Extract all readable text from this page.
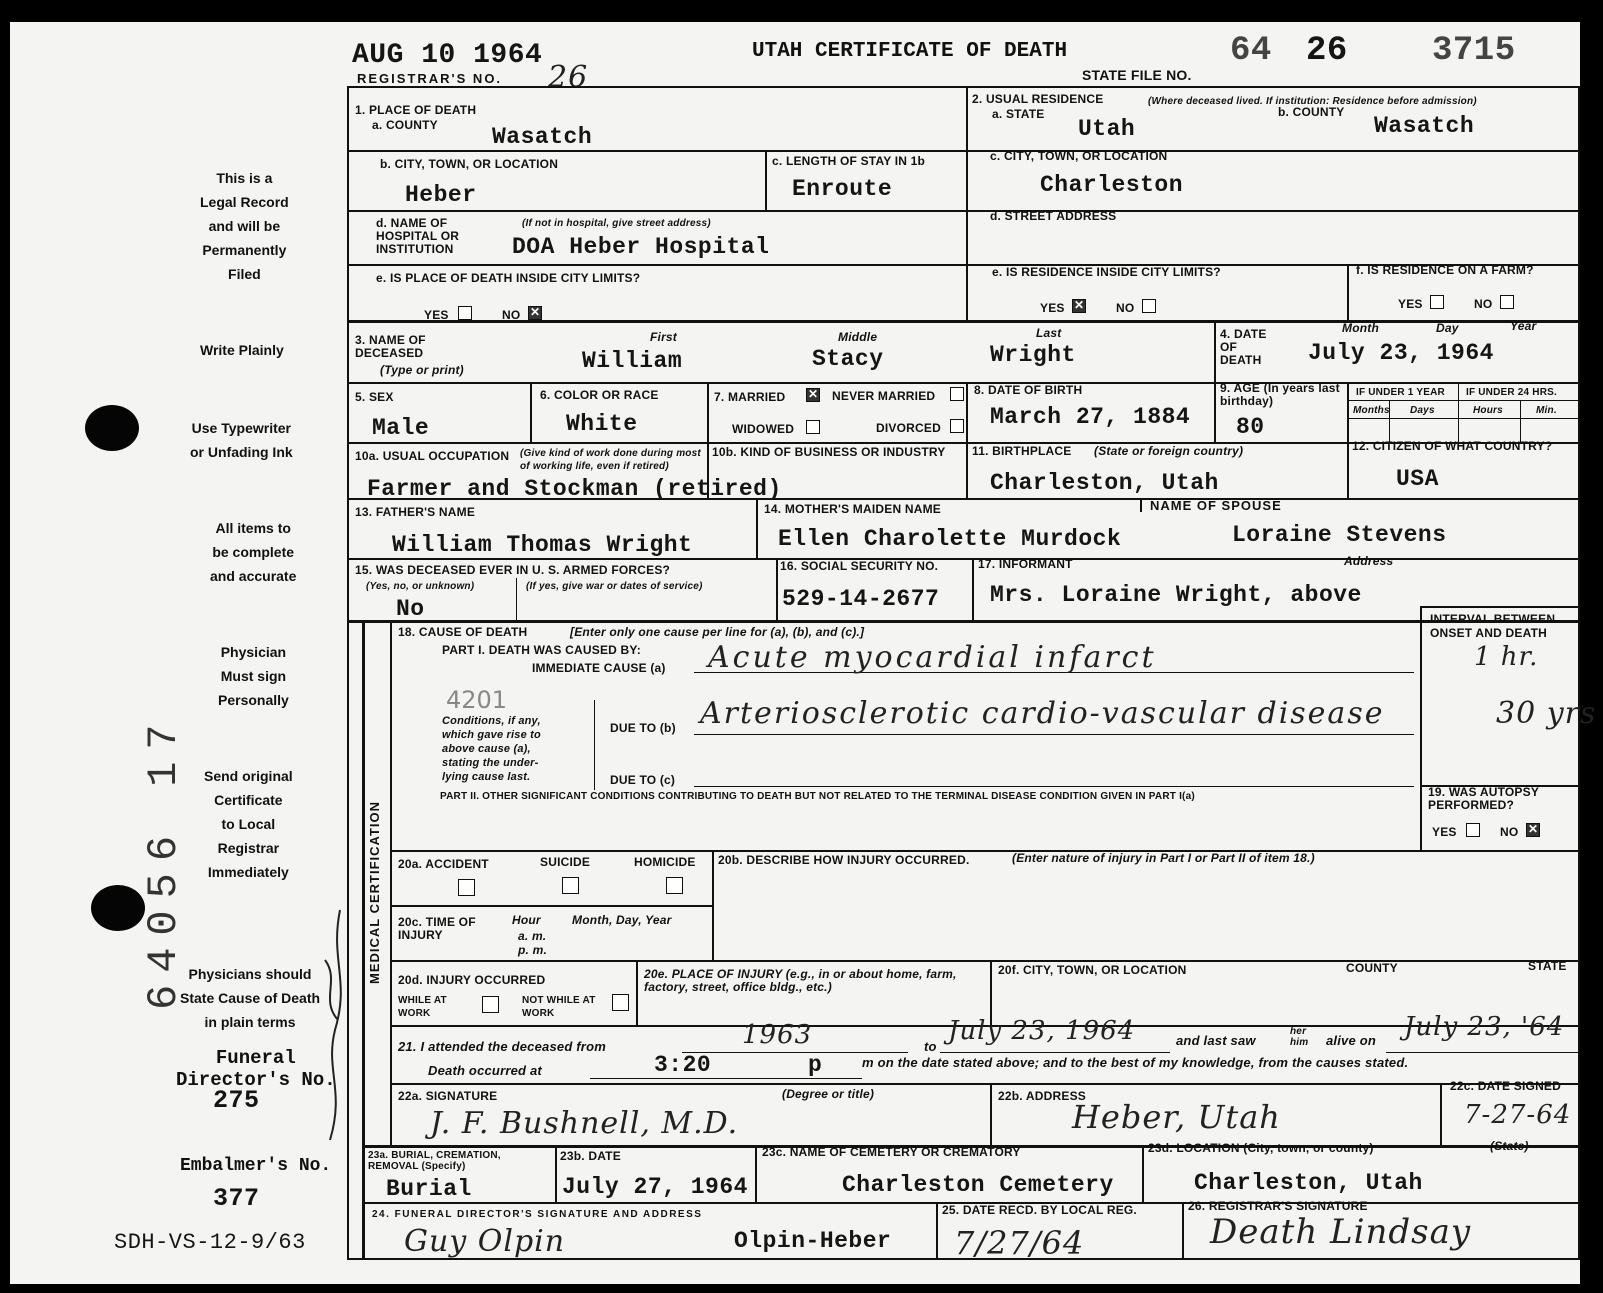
AUG 10 1964
REGISTRAR'S NO. 26
UTAH CERTIFICATE OF DEATH
STATE FILE NO.
64 26 3715
This is a
Legal Record
and will be
Permanently
Filed
Write Plainly
Use Typewriter
or Unfading Ink
All items to
be complete
and accurate
Physician
Must sign
Personally
Send original
Certificate
to Local
Registrar
Immediately
Physicians should
State Cause of Death
in plain terms
Funeral
Director's No.
275
Embalmer's No.
377
SDH-VS-12-9/63
64056 17
1. PLACE OF DEATH
a. COUNTY Wasatch
2. USUAL RESIDENCE	(Where deceased lived. If institution: Residence before admission)
a. STATE
Utah
b. COUNTY
Wasatch
b. CITY, TOWN, OR LOCATION
Heber
c. LENGTH OF STAY IN 1b
Enroute
c. CITY, TOWN, OR LOCATION
Charleston
d. NAME OF HOSPITAL OR INSTITUTION
(If not in hospital, give street address)
DOA Heber Hospital
d. STREET ADDRESS
e. IS PLACE OF DEATH INSIDE CITY LIMITS?
YES	NO ✕
e. IS RESIDENCE INSIDE CITY LIMITS?
YES ✕	NO
f. IS RESIDENCE ON A FARM?
YES	NO
3. NAME OF DECEASED
(Type or print)
First	Middle	Last
William	Stacy	Wright
4. DATE OF DEATH
Month	Day	Year
July 23, 1964
5. SEX
Male
6. COLOR OR RACE
White
7. MARRIED ✕ NEVER MARRIED
WIDOWED	DIVORCED
8. DATE OF BIRTH
March 27, 1884
9. AGE (In years last birthday)
80
IF UNDER 1 YEAR IF UNDER 24 HRS.
Months Days	Hours	Min.
10a. USUAL OCCUPATION (Give kind of work done during most of working life, even if retired)
Farmer and Stockman (retired)
10b. KIND OF BUSINESS OR INDUSTRY 11. BIRTHPLACE (State or foreign country)
Charleston, Utah
12. CITIZEN OF WHAT COUNTRY?
USA
13. FATHER'S NAME
William Thomas Wright
14. MOTHER'S MAIDEN NAME
Ellen Charolette Murdock
NAME OF SPOUSE
Loraine Stevens
15. WAS DECEASED EVER IN U. S. ARMED FORCES?
(Yes, no, or unknown)	(If yes, give war or dates of service)
No
16. SOCIAL SECURITY NO.
529-14-2677
17. INFORMANT	Address
Mrs. Loraine Wright, above
MEDICAL CERTIFICATION
18. CAUSE OF DEATH	[Enter only one cause per line for (a), (b), and (c).]
PART I. DEATH WAS CAUSED BY:
IMMEDIATE CAUSE (a) Acute myocardial infarct
INTERVAL BETWEEN ONSET AND DEATH
1 hr.
4201
Conditions, if any,
which gave rise to
above cause (a),
stating the under-
lying cause last.
DUE TO (b) Arteriosclerotic cardio-vascular disease	30 yrs
DUE TO (c)
PART II. OTHER SIGNIFICANT CONDITIONS CONTRIBUTING TO DEATH BUT NOT RELATED TO THE TERMINAL DISEASE CONDITION GIVEN IN PART I(a)	19. WAS AUTOPSY PERFORMED?
YES	NO ✕
20a. ACCIDENT	SUICIDE	HOMICIDE 20b. DESCRIBE HOW INJURY OCCURRED.	(Enter nature of injury in Part I or Part II of item 18.)
20c. TIME OF INJURY
Hour
a. m.
p. m.
Month, Day, Year
20d. INJURY OCCURRED
WHILE AT WORK
NOT WHILE AT WORK
20e. PLACE OF INJURY (e.g., in or about home, farm, factory, street, office bldg., etc.)
20f. CITY, TOWN, OR LOCATION	COUNTY	STATE
21. I attended the deceased from	1963	to
July 23, 1964	and last saw
her
him alive on July 23, '64
Death occurred at	3:20	p	m on the date stated above; and to the best of my knowledge, from the causes stated.
22a. SIGNATURE	(Degree or title)
J. F. Bushnell, M.D.
22b. ADDRESS
Heber, Utah
22c. DATE SIGNED
7-27-64
23a. BURIAL, CREMATION, REMOVAL (Specify)
Burial
23b. DATE
July 27, 1964
23c. NAME OF CEMETERY OR CREMATORY
Charleston Cemetery
23d. LOCATION (City, town, or county)	(State)
Charleston, Utah
24. FUNERAL DIRECTOR'S SIGNATURE AND ADDRESS
Guy Olpin	Olpin-Heber
25. DATE RECD. BY LOCAL REG.
7/27/64
26. REGISTRAR'S SIGNATURE
Death Lindsay
